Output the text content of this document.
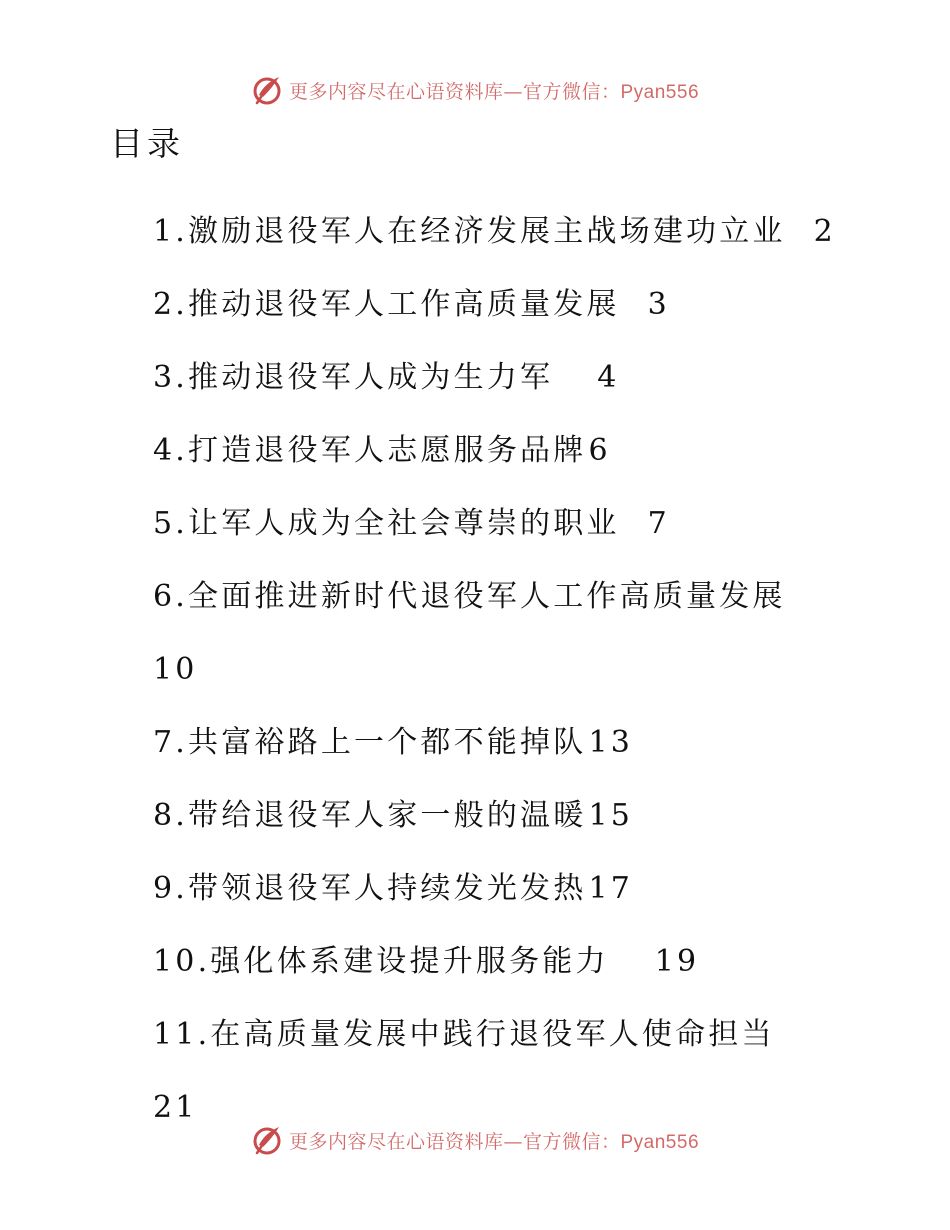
更多内容尽在心语资料库—官方微信：Pyan556
目录
1.激励退役军人在经济发展主战场建功立业 2
2.推动退役军人工作高质量发展 3
3.推动退役军人成为生力军 4
4.打造退役军人志愿服务品牌6
5.让军人成为全社会尊崇的职业 7
6.全面推进新时代退役军人工作高质量发展
10
7.共富裕路上一个都不能掉队13
8.带给退役军人家一般的温暖15
9.带领退役军人持续发光发热17
10.强化体系建设提升服务能力 19
11.在高质量发展中践行退役军人使命担当
21
更多内容尽在心语资料库—官方微信：Pyan556
